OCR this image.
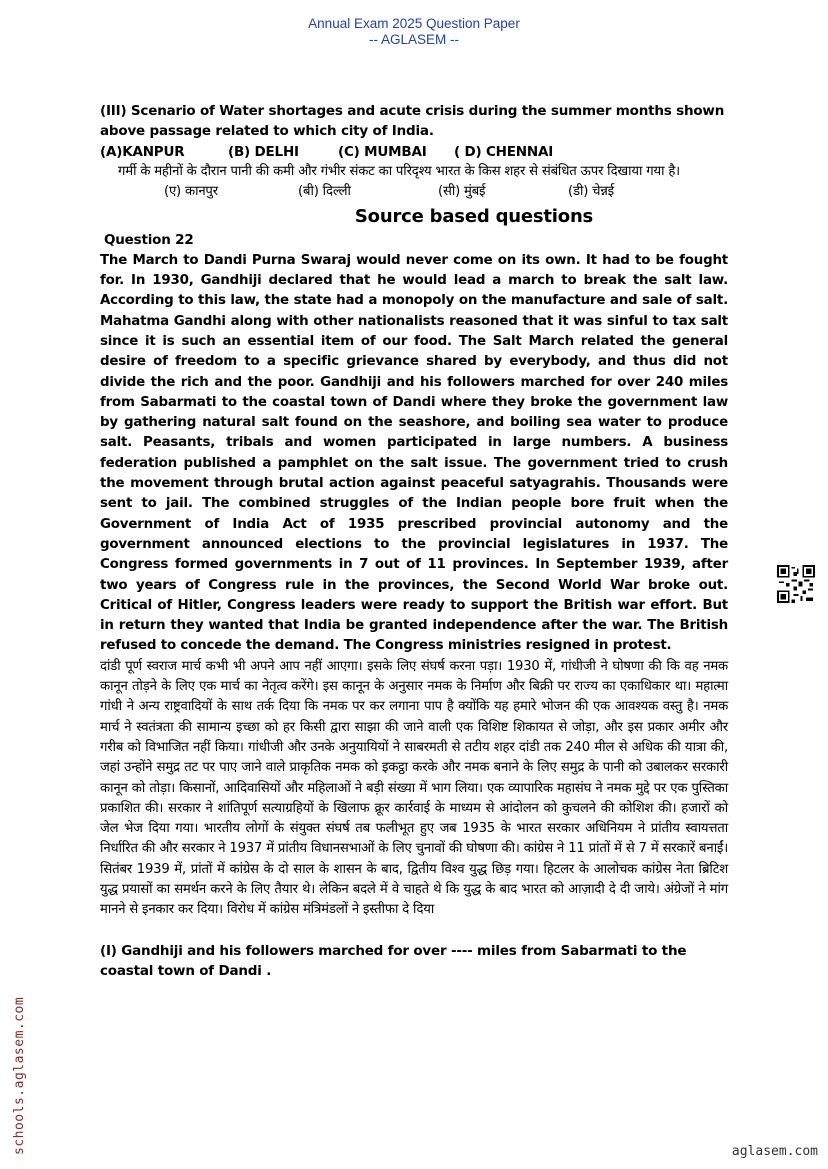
Annual Exam 2025 Question Paper
-- AGLASEM --

(III) Scenario of Water shortages and acute crisis during the summer months shown above passage related to which city of India.

(A)KANPUR	(B) DELHI	(C) MUMBAI	( D) CHENNAI

गर्मी के महीनों के दौरान पानी की कमी और गंभीर संकट का परिदृश्य भारत के किस शहर से संबंधित ऊपर दिखाया गया है।

(ए) कानपुर	(बी) दिल्ली	(सी) मुंबई	(डी) चेन्नई
Source based questions

Question 22

The March to Dandi Purna Swaraj would never come on its own. It had to be fought for. In 1930, Gandhiji declared that he would lead a march to break the salt law. According to this law, the state had a monopoly on the manufacture and sale of salt. Mahatma Gandhi along with other nationalists reasoned that it was sinful to tax salt since it is such an essential item of our food. The Salt March related the general desire of freedom to a specific grievance shared by everybody, and thus did not divide the rich and the poor. Gandhiji and his followers marched for over 240 miles from Sabarmati to the coastal town of Dandi where they broke the government law by gathering natural salt found on the seashore, and boiling sea water to produce salt. Peasants, tribals and women participated in large numbers. A business federation published a pamphlet on the salt issue. The government tried to crush the movement through brutal action against peaceful satyagrahis. Thousands were sent to jail. The combined struggles of the Indian people bore fruit when the Government of India Act of 1935 prescribed provincial autonomy and the government announced elections to the provincial legislatures in 1937. The Congress formed governments in 7 out of 11 provinces. In September 1939, after two years of Congress rule in the provinces, the Second World War broke out. Critical of Hitler, Congress leaders were ready to support the British war effort. But in return they wanted that India be granted independence after the war. The British refused to concede the demand. The Congress ministries resigned in protest.

दांडी पूर्ण स्वराज मार्च कभी भी अपने आप नहीं आएगा। इसके लिए संघर्ष करना पड़ा। 1930 में, गांधीजी ने घोषणा की कि वह नमक कानून तोड़ने के लिए एक मार्च का नेतृत्व करेंगे। इस कानून के अनुसार नमक के निर्माण और बिक्री पर राज्य का एकाधिकार था। महात्मा गांधी ने अन्य राष्ट्रवादियों के साथ तर्क दिया कि नमक पर कर लगाना पाप है क्योंकि यह हमारे भोजन की एक आवश्यक वस्तु है। नमक मार्च ने स्वतंत्रता की सामान्य इच्छा को हर किसी द्वारा साझा की जाने वाली एक विशिष्ट शिकायत से जोड़ा, और इस प्रकार अमीर और गरीब को विभाजित नहीं किया। गांधीजी और उनके अनुयायियों ने साबरमती से तटीय शहर दांडी तक 240 मील से अधिक की यात्रा की, जहां उन्होंने समुद्र तट पर पाए जाने वाले प्राकृतिक नमक को इकट्ठा करके और नमक बनाने के लिए समुद्र के पानी को उबालकर सरकारी कानून को तोड़ा। किसानों, आदिवासियों और महिलाओं ने बड़ी संख्या में भाग लिया। एक व्यापारिक महासंघ ने नमक मुद्दे पर एक पुस्तिका प्रकाशित की। सरकार ने शांतिपूर्ण सत्याग्रहियों के खिलाफ क्रूर कार्रवाई के माध्यम से आंदोलन को कुचलने की कोशिश की। हजारों को जेल भेज दिया गया। भारतीय लोगों के संयुक्त संघर्ष तब फलीभूत हुए जब 1935 के भारत सरकार अधिनियम ने प्रांतीय स्वायत्तता निर्धारित की और सरकार ने 1937 में प्रांतीय विधानसभाओं के लिए चुनावों की घोषणा की। कांग्रेस ने 11 प्रांतों में से 7 में सरकारें बनाईं। सितंबर 1939 में, प्रांतों में कांग्रेस के दो साल के शासन के बाद, द्वितीय विश्व युद्ध छिड़ गया। हिटलर के आलोचक कांग्रेस नेता ब्रिटिश युद्ध प्रयासों का समर्थन करने के लिए तैयार थे। लेकिन बदले में वे चाहते थे कि युद्ध के बाद भारत को आज़ादी दे दी जाये। अंग्रेजों ने मांग मानने से इनकार कर दिया। विरोध में कांग्रेस मंत्रिमंडलों ने इस्तीफा दे दिया

(I) Gandhiji and his followers marched for over ---- miles from Sabarmati to the coastal town of Dandi .

schools.aglasem.com	aglasem.com
